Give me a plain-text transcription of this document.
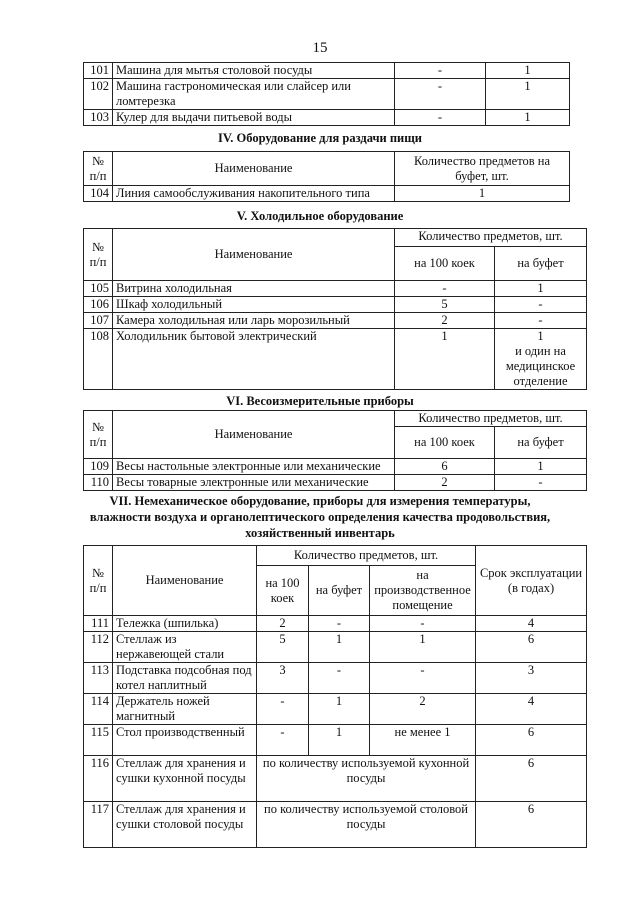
15
101	Машина для мытья столовой посуды	-	1
102	Машина гастрономическая или слайсер или ломтерезка	-	1
103	Кулер для выдачи питьевой воды	-	1
IV. Оборудование для раздачи пищи
№ п/п	Наименование	Количество предметов на буфет, шт.
104	Линия самообслуживания накопительного типа	1
V. Холодильное оборудование
№ п/п	Наименование	Количество предметов, шт.	
		на 100 коек	на буфет
105	Витрина холодильная	-	1
106	Шкаф холодильный	5	-
107	Камера холодильная или ларь морозильный	2	-
108	Холодильник бытовой электрический	1	1
и один на медицинское отделение
VI. Весоизмерительные приборы
№ п/п	Наименование	Количество предметов, шт.	
		на 100 коек	на буфет
109	Весы настольные электронные или механические	6	1
110	Весы товарные электронные или механические	2	-
VII. Немеханическое оборудование, приборы для измерения температуры,
влажности воздуха и органолептического определения качества продовольствия,
хозяйственный инвентарь
№ п/п	Наименование	Количество предметов, шт.			Срок эксплуатации (в годах)
		на 100 коек	на буфет	на производственное помещение	
111	Тележка (шпилька)	2	-	-	4
112	Стеллаж из нержавеющей стали	5	1	1	6
113	Подставка подсобная под котел наплитный	3	-	-	3
114	Держатель ножей магнитный	-	1	2	4
115	Стол производственный	-	1	не менее 1	6
116	Стеллаж для хранения и сушки кухонной посуды	по количеству используемой кухонной посуды			6
117	Стеллаж для хранения и сушки столовой посуды	по количеству используемой столовой посуды			6
